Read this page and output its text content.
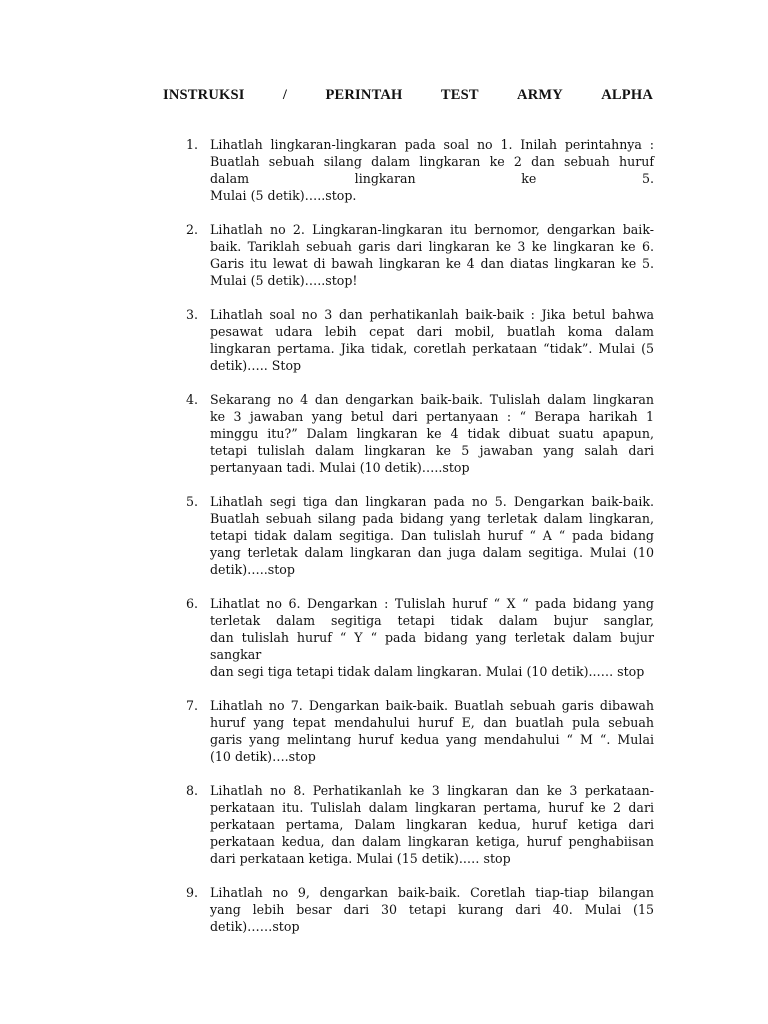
INSTRUKSI	/	PERINTAH	TEST	ARMY	ALPHA
1. Lihatlah lingkaran-lingkaran pada soal no 1. Inilah perintahnya :
Buatlah sebuah silang dalam lingkaran ke 2 dan sebuah huruf
dalam lingkaran ke 5.
Mulai (5 detik)…..stop.
2. Lihatlah no 2. Lingkaran-lingkaran itu bernomor, dengarkan baik-
baik. Tariklah sebuah garis dari lingkaran ke 3 ke lingkaran ke 6.
Garis itu lewat di bawah lingkaran ke 4 dan diatas lingkaran ke 5.
Mulai (5 detik)…..stop!
3. Lihatlah soal no 3 dan perhatikanlah baik-baik : Jika betul bahwa
pesawat udara lebih cepat dari mobil, buatlah koma dalam
lingkaran pertama. Jika tidak, coretlah perkataan “tidak”. Mulai (5
detik)….. Stop
4. Sekarang no 4 dan dengarkan baik-baik. Tulislah dalam lingkaran
ke 3 jawaban yang betul dari pertanyaan : “ Berapa harikah 1
minggu itu?” Dalam lingkaran ke 4 tidak dibuat suatu apapun,
tetapi tulislah dalam lingkaran ke 5 jawaban yang salah dari
pertanyaan tadi. Mulai (10 detik)…..stop
5. Lihatlah segi tiga dan lingkaran pada no 5. Dengarkan baik-baik.
Buatlah sebuah silang pada bidang yang terletak dalam lingkaran,
tetapi tidak dalam segitiga. Dan tulislah huruf “ A “ pada bidang
yang terletak dalam lingkaran dan juga dalam segitiga. Mulai (10
detik)…..stop
6. Lihatlat no 6. Dengarkan : Tulislah huruf “ X “ pada bidang yang
terletak dalam segitiga tetapi tidak dalam bujur sanglar,
dan tulislah huruf “ Y “ pada bidang yang terletak dalam bujur sangkar
dan segi tiga tetapi tidak dalam lingkaran. Mulai (10 detik)..…. stop
7. Lihatlah no 7. Dengarkan baik-baik. Buatlah sebuah garis dibawah
huruf yang tepat mendahului huruf E, dan buatlah pula sebuah
garis yang melintang huruf kedua yang mendahului “ M “. Mulai
(10 detik)….stop
8. Lihatlah no 8. Perhatikanlah ke 3 lingkaran dan ke 3 perkataan-
perkataan itu. Tulislah dalam lingkaran pertama, huruf ke 2 dari
perkataan pertama, Dalam lingkaran kedua, huruf ketiga dari
perkataan kedua, dan dalam lingkaran ketiga, huruf penghabiisan
dari perkataan ketiga. Mulai (15 detik)..… stop
9. Lihatlah no 9, dengarkan baik-baik. Coretlah tiap-tiap bilangan
yang lebih besar dari 30 tetapi kurang dari 40. Mulai (15
detik)……stop
